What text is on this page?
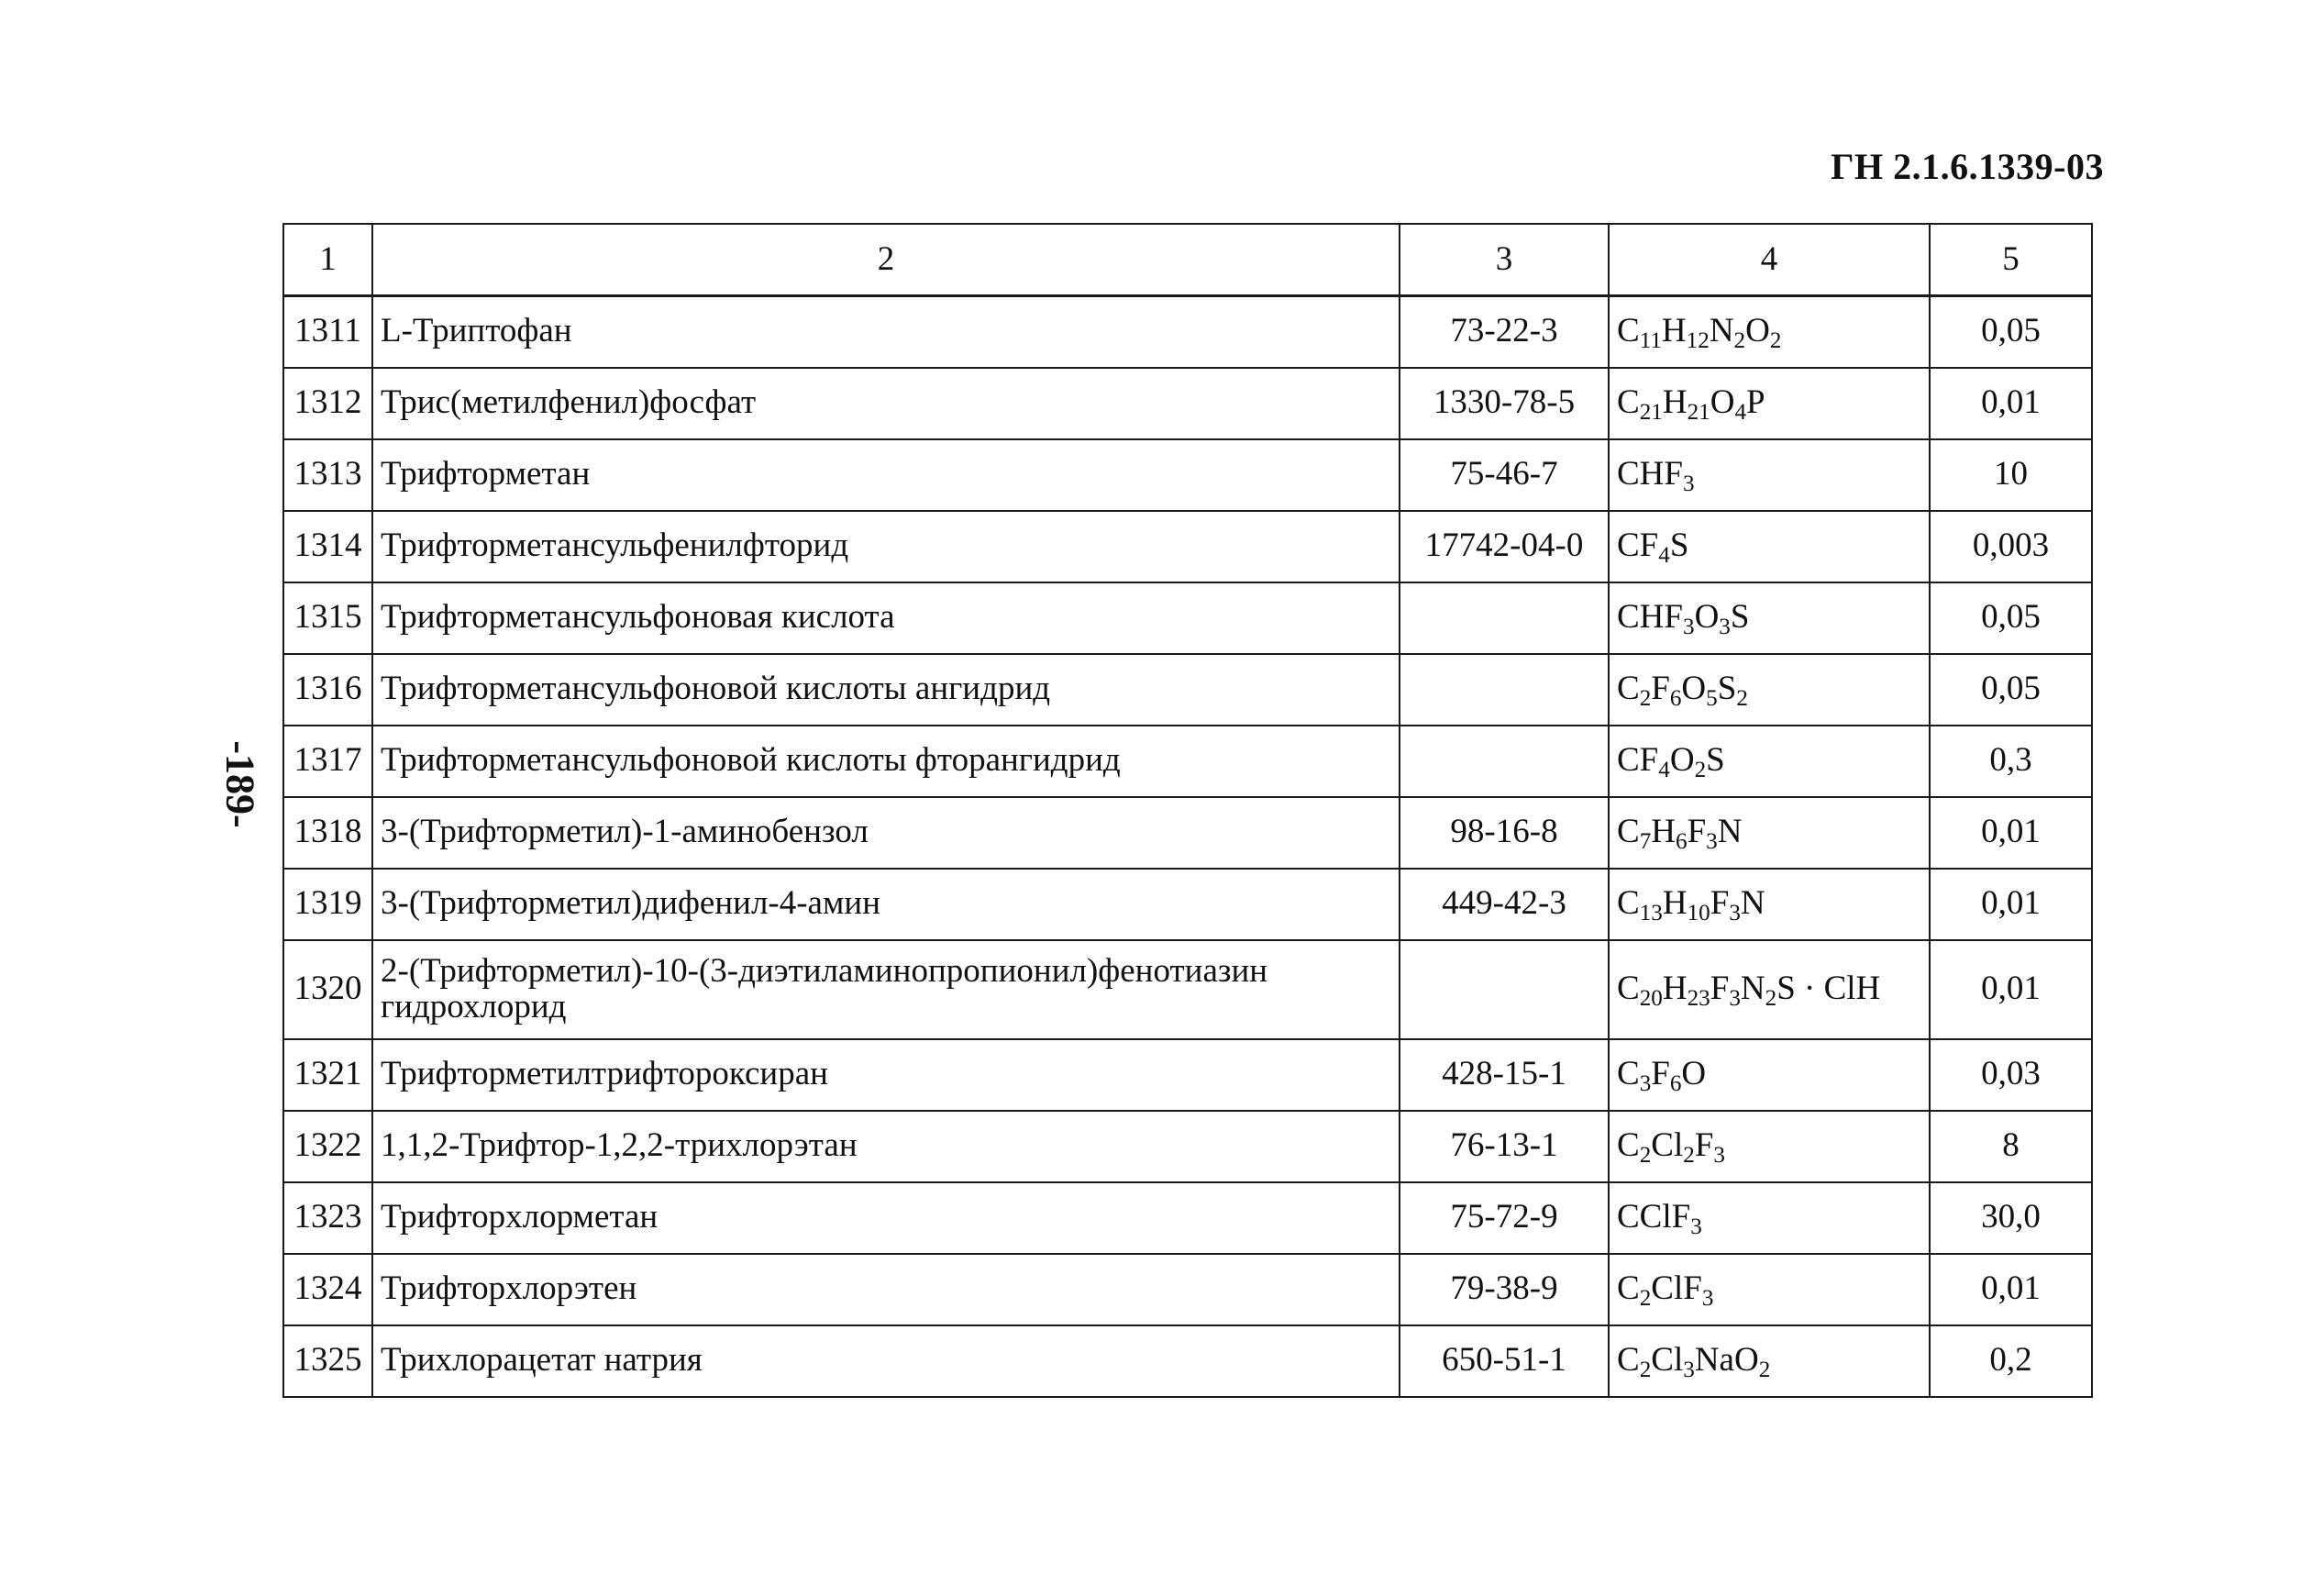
ГН 2.1.6.1339-03
-189-
1	2	3	4	5
1311	L-Триптофан	73-22-3	$C_{11}H_{12}N_2O_2$	0,05
1312	Трис(метилфенил)фосфат	1330-78-5	$C_{21}H_{21}O_4P$	0,01
1313	Трифторметан	75-46-7	$CHF_3$	10
1314	Трифторметансульфенилфторид	17742-04-0	$CF_4S$	0,003
1315	Трифторметансульфоновая кислота		$CHF_3O_3S$	0,05
1316	Трифторметансульфоновой кислоты ангидрид		$C_2F_6O_5S_2$	0,05
1317	Трифторметансульфоновой кислоты фторангидрид		$CF_4O_2S$	0,3
1318	3-(Трифторметил)-1-аминобензол	98-16-8	$C_7H_6F_3N$	0,01
1319	3-(Трифторметил)дифенил-4-амин	449-42-3	$C_{13}H_{10}F_3N$	0,01
1320	2-(Трифторметил)-10-(3-диэтиламинопропионил)фенотиазин гидрохлорид		$C_{20}H_{23}F_3N_2S$ · ClH	0,01
1321	Трифторметилтрифтороксиран	428-15-1	$C_3F_6O$	0,03
1322	1,1,2-Трифтор-1,2,2-трихлорэтан	76-13-1	$C_2Cl_2F_3$	8
1323	Трифторхлорметан	75-72-9	CClF$_3$	30,0
1324	Трифторхлорэтен	79-38-9	$C_2ClF_3$	0,01
1325	Трихлорацетат натрия	650-51-1	$C_2Cl_3NaO_2$	0,2
